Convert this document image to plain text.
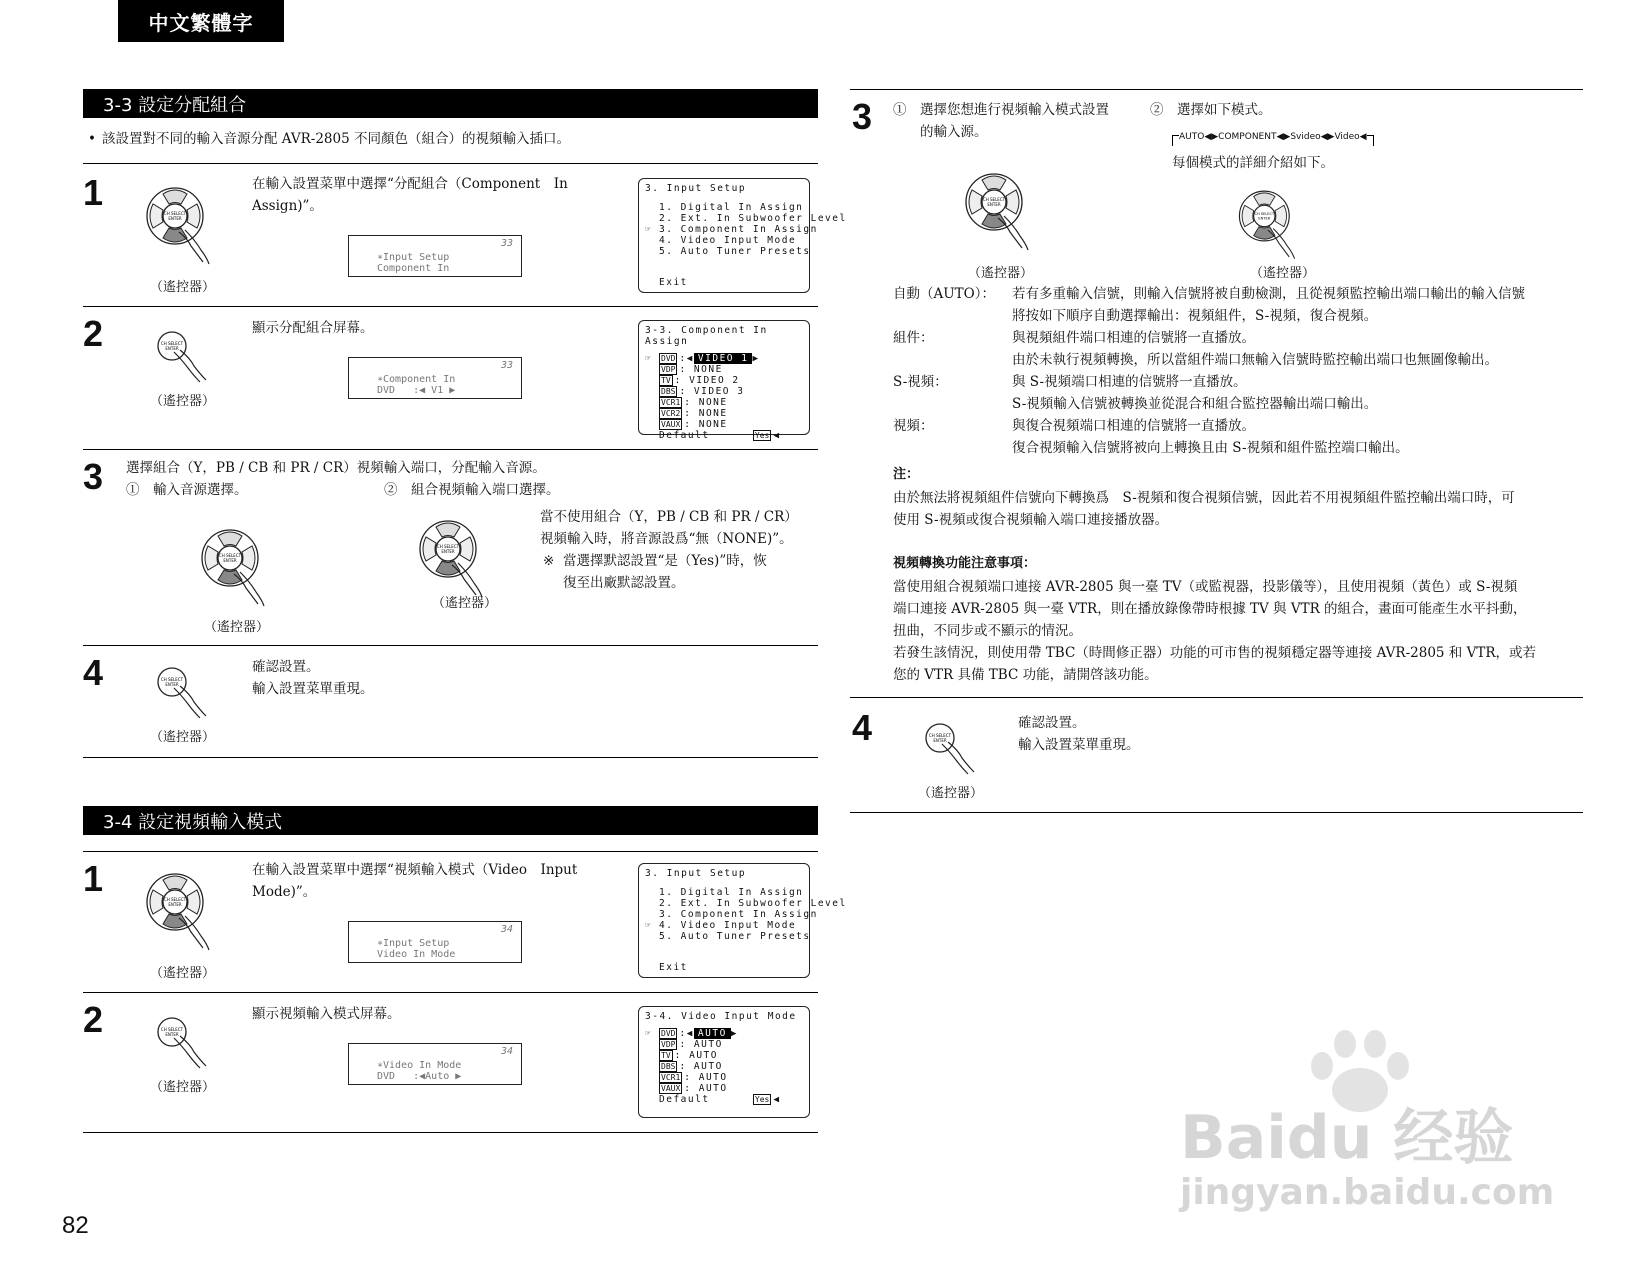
中文繁體字
3-3 設定分配組合
• 該設置對不同的輸入音源分配 AVR-2805 不同顏色（組合）的視頻輸入插口。
1
（遙控器）
在輸入設置菜單中選擇“分配組合（Component　In
Assign)”。
33
∗Input Setup
Component In
3. Input Setup
1. Digital In Assign
2. Ext. In Subwoofer Level
☞ 3. Component In Assign
4. Video Input Mode
5. Auto Tuner Presets
Exit
2
（遙控器）
顯示分配組合屏幕。
33
∗Component In
DVD   :◀ V1 ▶
3-3. Component In Assign
☞ DVD :◀ VIDEO 1 ▶
VDP : NONE
TV : VIDEO 2
DBS : VIDEO 3
VCR1 : NONE
VCR2 : NONE
VAUX : NONE
Default	Yes ◀
3 選擇組合（Y，PB / CB 和 PR / CR）視頻輸入端口，分配輸入音源。
①　輸入音源選擇。	②　組合視頻輸入端口選擇。
（遙控器）
（遙控器）
當不使用組合（Y，PB / CB 和 PR / CR）
視頻輸入時，將音源設爲“無（NONE)”。
※ 當選擇默認設置“是（Yes)”時，恢
復至出廠默認設置。
4
（遙控器）
確認設置。
輸入設置菜單重現。
3-4 設定視頻輸入模式
1
（遙控器）
在輸入設置菜單中選擇“視頻輸入模式（Video　Input
Mode)”。
34
∗Input Setup
Video In Mode
3. Input Setup
1. Digital In Assign
2. Ext. In Subwoofer Level
3. Component In Assign
☞ 4. Video Input Mode
5. Auto Tuner Presets
Exit
2
（遙控器）
顯示視頻輸入模式屏幕。
34
∗Video In Mode
DVD   :◀Auto ▶
3-4. Video Input Mode
☞ DVD :◀ AUTO ▶
VDP : AUTO
TV : AUTO
DBS : AUTO
VCR1 : AUTO
VAUX : AUTO
Default	Yes ◀
82
3 ①　選擇您想進行視頻輸入模式設置
　　的輸入源。
②　選擇如下模式。
AUTO ◀▶ COMPONENT ◀▶ Svideo ◀▶ Video ◀
每個模式的詳細介紹如下。
（遙控器）	（遙控器）
自動（AUTO）： 若有多重輸入信號，則輸入信號將被自動檢測，且從視頻監控輸出端口輸出的輸入信號
將按如下順序自動選擇輸出：視頻組件，S-視頻，復合視頻。
組件：	與視頻組件端口相連的信號將一直播放。
由於未執行視頻轉換，所以當組件端口無輸入信號時監控輸出端口也無圖像輸出。
S-視頻：	與 S-視頻端口相連的信號將一直播放。
S-視頻輸入信號被轉換並從混合和組合監控器輸出端口輸出。
視頻：	與復合視頻端口相連的信號將一直播放。
復合視頻輸入信號將被向上轉換且由 S-視頻和組件監控端口輸出。
注：
由於無法將視頻組件信號向下轉換爲　S-視頻和復合視頻信號，因此若不用視頻組件監控輸出端口時，可
使用 S-視頻或復合視頻輸入端口連接播放器。
視頻轉換功能注意事項：
當使用組合視頻端口連接 AVR-2805 與一臺 TV（或監視器，投影儀等），且使用視頻（黃色）或 S-視頻
端口連接 AVR-2805 與一臺 VTR，則在播放錄像帶時根據 TV 與 VTR 的組合，畫面可能產生水平抖動，
扭曲，不同步或不顯示的情況。
若發生該情況，則使用帶 TBC（時間修正器）功能的可市售的視頻穩定器等連接 AVR-2805 和 VTR，或若
您的 VTR 具備 TBC 功能，請開啓該功能。
4
（遙控器）
確認設置。
輸入設置菜單重現。
Baidu 经验
jingyan.baidu.com
